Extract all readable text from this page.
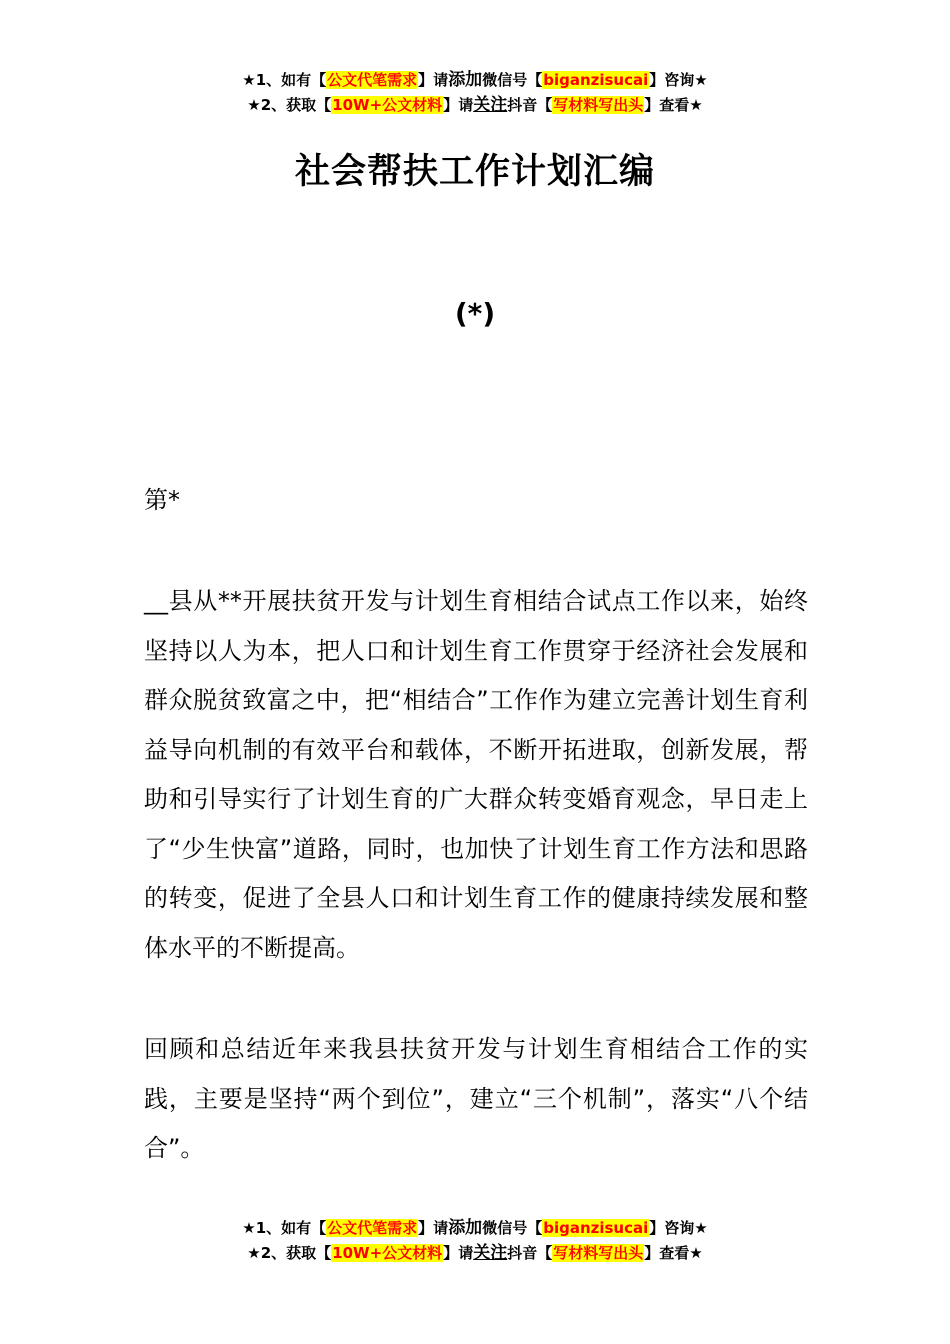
★1、如有【公文代笔需求】请添加微信号【biganzisucai】咨询★
★2、获取【10W+公文材料】请关注抖音【写材料写出头】查看★
社会帮扶工作计划汇编
(*)
第*
__县从**开展扶贫开发与计划生育相结合试点工作以来，始终坚持以人为本，把人口和计划生育工作贯穿于经济社会发展和群众脱贫致富之中，把“相结合”工作作为建立完善计划生育利益导向机制的有效平台和载体，不断开拓进取，创新发展，帮助和引导实行了计划生育的广大群众转变婚育观念，早日走上了“少生快富”道路，同时，也加快了计划生育工作方法和思路的转变，促进了全县人口和计划生育工作的健康持续发展和整体水平的不断提高。
回顾和总结近年来我县扶贫开发与计划生育相结合工作的实践，主要是坚持“两个到位”，建立“三个机制”，落实“八个结合”。
★1、如有【公文代笔需求】请添加微信号【biganzisucai】咨询★
★2、获取【10W+公文材料】请关注抖音【写材料写出头】查看★
